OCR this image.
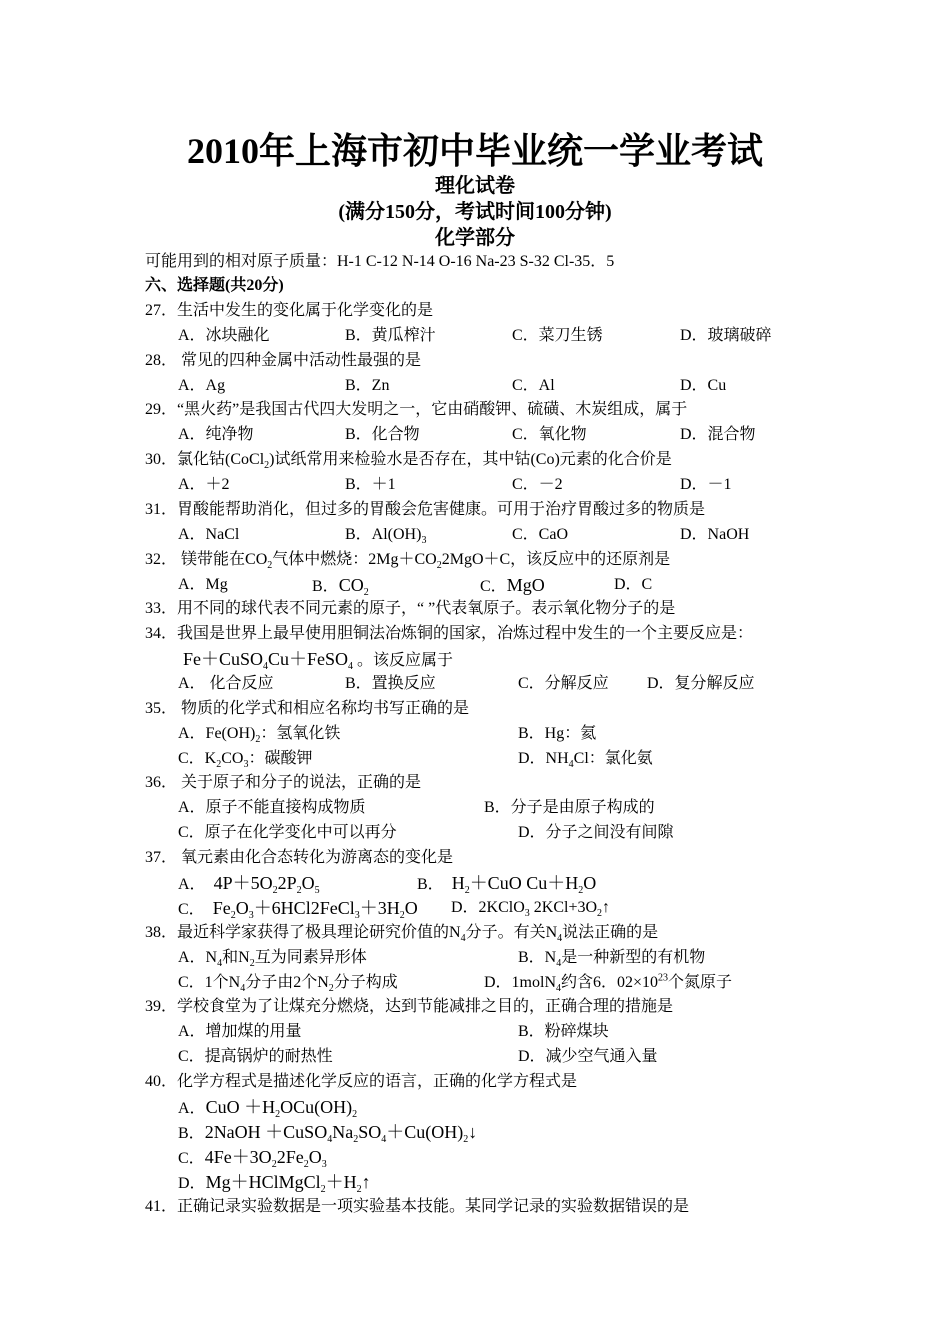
2010年上海市初中毕业统一学业考试
理化试卷
(满分150分，考试时间100分钟)
化学部分
可能用到的相对原子质量：H-1 C-12 N-14 O-16 Na-23 S-32 Cl-35．5
六、选择题(共20分)
27．生活中发生的变化属于化学变化的是
A．冰块融化	B．黄瓜榨汁	C．菜刀生锈	D．玻璃破碎
28． 常见的四种金属中活动性最强的是
A．Ag	B．Zn	C．Al	D．Cu
29．“黑火药”是我国古代四大发明之一，它由硝酸钾、硫磺、木炭组成，属于
A．纯净物	B．化合物	C．氧化物	D．混合物
30．氯化钴(CoCl$_2$)试纸常用来检验水是否存在，其中钴(Co)元素的化合价是
A．＋2	B．＋1	C．－2	D．－1
31．胃酸能帮助消化，但过多的胃酸会危害健康。可用于治疗胃酸过多的物质是
A．NaCl	B．$Al(OH)_3$	C．CaO	D．NaOH
32． 镁带能在$CO_2$气体中燃烧：$2Mg+CO_22MgO+C$，该反应中的还原剂是
A．Mg	B．$CO_2$	C．MgO	D．C
33．用不同的球代表不同元素的原子，“ ”代表氧原子。表示氧化物分子的是
34．我国是世界上最早使用胆铜法冶炼铜的国家，冶炼过程中发生的一个主要反应是：
Fe＋CuSO$_4$Cu＋FeSO$_4$ 。该反应属于
A． 化合反应	B．置换反应	C．分解反应 D．复分解反应
35． 物质的化学式和相应名称均书写正确的是
A．$Fe(OH)_2$：氢氧化铁	B．Hg：氦
C．$K_2CO_3$：碳酸钾	D．$NH_4Cl$：氯化氨
36． 关于原子和分子的说法，正确的是
A．原子不能直接构成物质	B．分子是由原子构成的
C．原子在化学变化中可以再分	D．分子之间没有间隙
37． 氧元素由化合态转化为游离态的变化是
A． $4P+5O_22P_2O_5$	B． $H_2+CuO$ $Cu+H_2O$
C． $Fe_2O_3+6HCl2FeCl_3+3H_2O$ D．2KClO$_3$ $2KCl+3O_2↑$
38．最近科学家获得了极具理论研究价值的$N_4$分子。有关$N_4$说法正确的是
A．$N_4$和$N_2$互为同素异形体	B．$N_4$是一种新型的有机物
C．1个$N_4$分子由2个$N_2$分子构成	D．1molN$_4$约含6．$02\times 10^{23}$个氮原子
39．学校食堂为了让煤充分燃烧，达到节能减排之目的，正确合理的措施是
A．增加煤的用量	B．粉碎煤块
C．提高锅炉的耐热性	D．减少空气通入量
40．化学方程式是描述化学反应的语言，正确的化学方程式是
A．CuO $+H_2OCu(OH)_2$
B．2NaOH $+CuSO_4Na_2SO_4+Cu(OH)_2↓$
C．$4Fe+3O_22Fe_2O_3$
D．$Mg+HClMgCl_2+H_2↑$
41．正确记录实验数据是一项实验基本技能。某同学记录的实验数据错误的是
